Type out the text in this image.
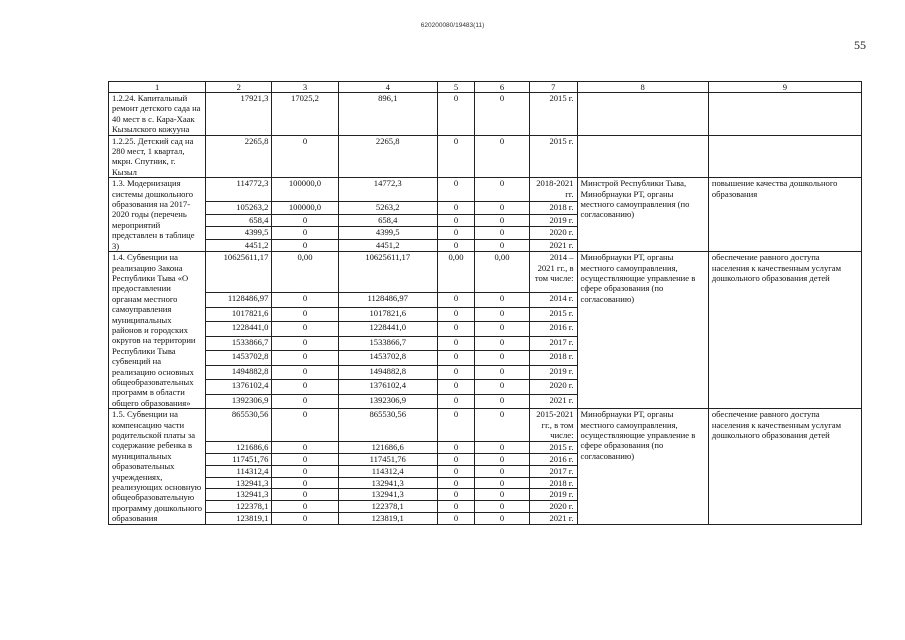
620200080/19483(11)
55
1	2	3	4	5	6	7	8	9
1.2.24. Капитальный ремонт детского сада на 40 мест в с. Кара-Хаак Кызылского кожууна	17921,3	17025,2	896,1	0	0	2015 г.		
1.2.25. Детский сад на 280 мест, 1 квартал, мкрн. Спутник, г. Кызыл	2265,8	0	2265,8	0	0	2015 г.		
1.3. Модернизация системы дошкольного образования на 2017-2020 годы (перечень мероприятий представлен в таблице 3)	114772,3	100000,0	14772,3	0	0	2018-2021 гг.	Минстрой Республики Тыва, Минобрнауки РТ, органы местного самоуправления (по согласованию)	повышение качества дошкольного образования
	105263,2	100000,0	5263,2	0	0	2018 г.		
	658,4	0	658,4	0	0	2019 г.		
	4399,5	0	4399,5	0	0	2020 г.		
	4451,2	0	4451,2	0	0	2021 г.		
1.4. Субвенции на реализацию Закона Республики Тыва «О предоставлении органам местного самоуправления муниципальных районов и городских округов на территории Республики Тыва субвенций на реализацию основных общеобразовательных программ в области общего образования»	10625611,17	0,00	10625611,17	0,00	0,00	2014 – 2021 гг., в том числе:	Минобрнауки РТ, органы местного самоуправления, осуществляющие управление в сфере образования (по согласованию)	обеспечение равного доступа населения к качественным услугам дошкольного образования детей
	1128486,97	0	1128486,97	0	0	2014 г.		
	1017821,6	0	1017821,6	0	0	2015 г.		
	1228441,0	0	1228441,0	0	0	2016 г.		
	1533866,7	0	1533866,7	0	0	2017 г.		
	1453702,8	0	1453702,8	0	0	2018 г.		
	1494882,8	0	1494882,8	0	0	2019 г.		
	1376102,4	0	1376102,4	0	0	2020 г.		
	1392306,9	0	1392306,9	0	0	2021 г.		
1.5. Субвенции на компенсацию части родительской платы за содержание ребенка в муниципальных образовательных учреждениях, реализующих основную общеобразовательную программу дошкольного образования	865530,56	0	865530,56	0	0	2015-2021 гг., в том числе:	Минобрнауки РТ, органы местного самоуправления, осуществляющие управление в сфере образования (по согласованию)	обеспечение равного доступа населения к качественным услугам дошкольного образования детей
	121686,6	0	121686,6	0	0	2015 г.		
	117451,76	0	117451,76	0	0	2016 г.		
	114312,4	0	114312,4	0	0	2017 г.		
	132941,3	0	132941,3	0	0	2018 г.		
	132941,3	0	132941,3	0	0	2019 г.		
	122378,1	0	122378,1	0	0	2020 г.		
	123819,1	0	123819,1	0	0	2021 г.		
